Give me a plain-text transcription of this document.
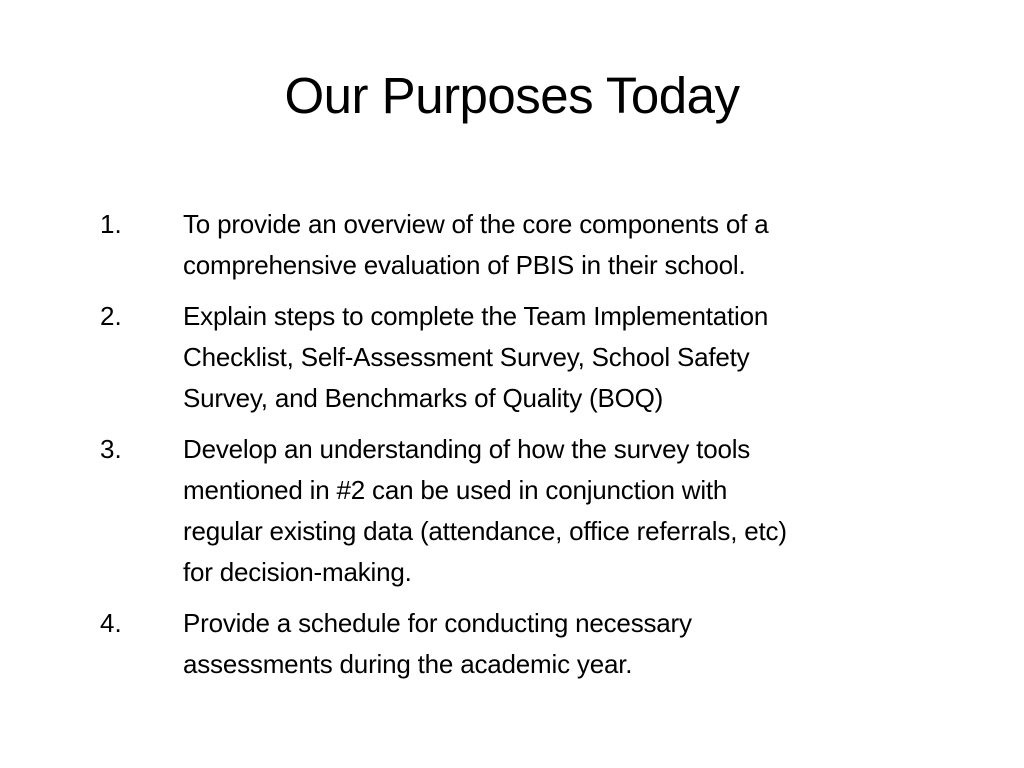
Our Purposes Today
1.	To provide an overview of the core components of a
comprehensive evaluation of PBIS in their school.
2.	Explain steps to complete the Team Implementation
Checklist, Self-Assessment Survey, School Safety
Survey, and Benchmarks of Quality (BOQ)
3.	Develop an understanding of how the survey tools
mentioned in #2 can be used in conjunction with
regular existing data (attendance, office referrals, etc)
for decision-making.
4.	Provide a schedule for conducting necessary
assessments during the academic year.
